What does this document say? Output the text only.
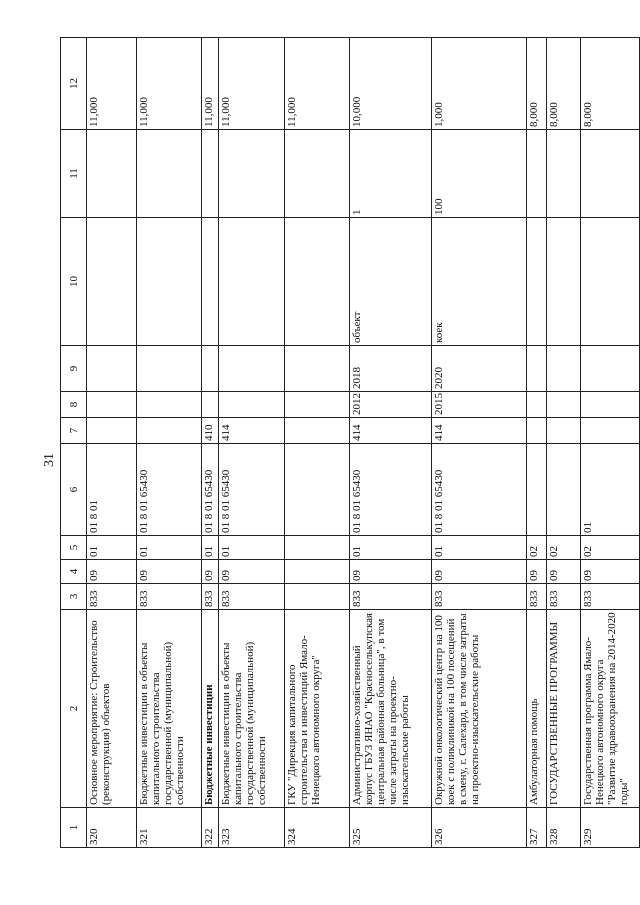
31
1	2	3	4	5	6	7	8	9	10	11	12
320	Основное мероприятие: Строительство (реконструкция) объектов	833	09	01	01 8 01						11,000
321	Бюджетные инвестиции в объекты капитального строительства государственной (муниципальной) собственности	833	09	01	01 8 01 65430						11,000
322	Бюджетные инвестиции	833	09	01	01 8 01 65430	410					11,000
323	Бюджетные инвестиции в объекты капитального строительства государственной (муниципальной) собственности	833	09	01	01 8 01 65430	414					11,000
324	ГКУ "Дирекция капитального строительства и инвестиций Ямало-Ненецкого автономного округа"										11,000
325	Административно-хозяйственный корпус ГБУЗ ЯНАО "Красноселькупская центральная районная больница", в том числе затраты на проектно-изыскательские работы	833	09	01	01 8 01 65430	414	2012	2018	объект	1	10,000
326	Окружной онкологический центр на 100 коек с поликлиникой на 100 посещений в смену, г. Салехард, в том числе затраты на проектно-изыскательские работы	833	09	01	01 8 01 65430	414	2015	2020	коек	100	1,000
327	Амбулаторная помощь	833	09	02							8,000
328	ГОСУДАРСТВЕННЫЕ ПРОГРАММЫ	833	09	02							8,000
329	Государственная программа Ямало-Ненецкого автономного округа "Развитие здравоохранения на 2014-2020 годы"	833	09	02	01						8,000
